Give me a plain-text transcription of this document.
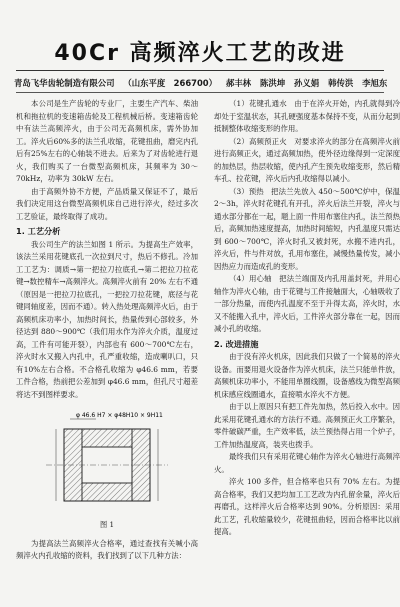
40Cr 高频淬火工艺的改进
青岛飞华齿轮制造有限公司 （山东平度　266700） 郝丰林 陈洪坤 孙义娟 韩传洪 李旭东

本公司是生产齿轮的专业厂，主要生产汽车、柴油机和拖拉机的变速箱齿轮及工程机械后桥。变速箱齿轮中有法兰高频淬火，由于公司无高频机床，需外协加工。淬火后60%多的法兰孔收缩，花键扭曲，磨完内孔后有25%左右的心轴装不进去。后来为了对齿轮进行退火，我们购买了一台微型高频机床，其频率为 30～70kHz，功率为 30kW 左右。

由于高频外协不方便，产品质量又保证不了，最后我们决定用这台微型高频机床自己进行淬火，经过多次工艺验证，最终取得了成功。

1. 工艺分析

我公司生产的法兰如图 1 所示。为提高生产效率，该法兰采用花键底孔一次拉到尺寸，热后不修孔。冷加工工艺为：调质→第一把拉刀拉底孔→第二把拉刀拉花键→数控精车→高频淬火。高频淬火前有 20% 左右不通（原因是一把拉刀拉底孔，一把拉刀拉花键，底径与花键同轴度差，因而不通）。转入热处理高频淬火后，由于高频机床功率小，加热时间长，热量传到心部较多，外径达到 880～900℃（我们用水作为淬火介质，温度过高，工件有可能开裂），内部也有 600～700℃左右，淬火时水又搬入内孔中，孔严重收缩，造成喇叭口，只有10%左右合格。不合格孔收缩为 φ46.6 mm，若要工件合格，热前把公差加到 φ46.6 mm，但孔尺寸超差将达不到图样要求。

φ 46.6 H7 × φ48H10 × 9H11
图 1

为提高法兰高频淬火合格率，通过查找有关喊小高频淬火内孔收缩的资料，我们找到了以下几种方法：

（1）花键孔通水　由于在淬火开始，内孔就得到冷却处于室温状态，其孔硬强度基本保持不变，从而分起到抵制整体收缩变形的作用。

（2）高频预正火　对要求淬火的部分在高频淬火前进行高频正火，通过高频加热，使外径边缘得到一定深度的加热层，热层收缩，使内孔产生预先收缩变形，然后精车孔、拉花键，淬火后内孔收缩得以减小。

（3）预热　把法兰先放入 450～500℃炉中，保温 2～3h，淬火时花键孔有开孔，淬火后法兰开裂，淬火与通水部分都在一起，题上面一件用布塞住内孔，法兰预热后，高频加热速度提高，加热时间缩短，内孔温度只需达到 600～700℃，淬火时孔又被封死，水搬不进内孔，淬火后，件与件对放，孔用布塞住，减慢热量传发，减小因热应力而造成孔的变形。

（4）用心轴　把法兰端面及内孔用盖封死，并用心轴作为淬火心轴，由于花键与工件接触面大，心轴吸收了一部分热量，而使内孔温度不至于升得太高，淬火时，水又不能搬入孔中，淬火后，工件淬火部分靠在一起，因而减小孔的收缩。

2. 改进措施

由于没有淬火机床，因此我们只做了一个简易的淬火设备。而要用退火设备作为淬火机床，法兰只能单件放，高频机床功率小，不能用单圈线圈，设备感线为微型高频机床感应线圈通水，直接喷水淬火不方便。

由于以上原因只有把工件先加热，然后投入水中。因此采用花键孔通水的方法行不通。高频预正火工序繁杂，零件破碳严重，生产效率低，法兰预热得占用一个炉子，工件加热温度高，装夹也拨手。

最终我们只有采用花键心轴作为淬火心轴进行高频淬火。

淬火 100 多件，但合格率也只有 70% 左右。为提高合格率，我们又把均加工工艺改为内孔留余量，淬火后再磨孔，这样淬火后合格率达到 90%。分析原因：采用此工艺，孔收缩量较少，花键扭曲轻，因而合格率比以前提高。
